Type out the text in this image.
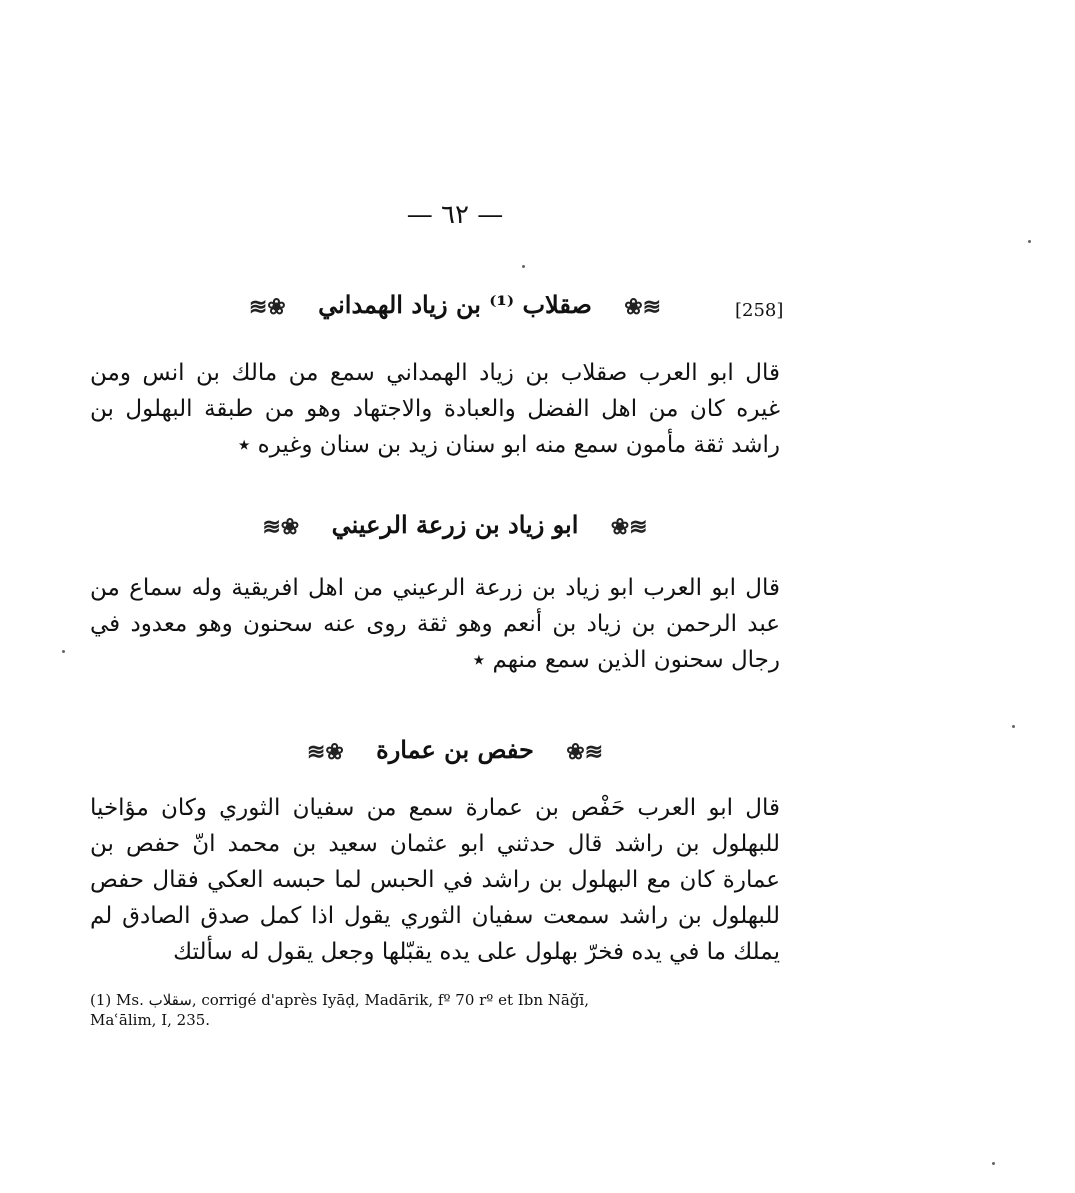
— ٦٢ —
[258]
❀≋ صقلاب ⁽¹⁾ بن زياد الهمداني ≋❀
قال ابو العرب صقلاب بن زياد الهمداني سمع من مالك بن انس ومن غيره كان من اهل الفضل والعبادة والاجتهاد وهو من طبقة البهلول بن راشد ثقة مأمون سمع منه ابو سنان زيد بن سنان وغيره ٭
❀≋ ابو زياد بن زرعة الرعيني ≋❀
قال ابو العرب ابو زياد بن زرعة الرعيني من اهل افريقية وله سماع من عبد الرحمن بن زياد بن أنعم وهو ثقة روى عنه سحنون وهو معدود في رجال سحنون الذين سمع منهم ٭
❀≋ حفص بن عمارة ≋❀
قال ابو العرب حَفْص بن عمارة سمع من سفيان الثوري وكان مؤاخيا للبهلول بن راشد قال حدثني ابو عثمان سعيد بن محمد انّ حفص بن عمارة كان مع البهلول بن راشد في الحبس لما حبسه العكي فقال حفص للبهلول بن راشد سمعت سفيان الثوري يقول اذا كمل صدق الصادق لم يملك ما في يده فخرّ بهلول على يده يقبّلها وجعل يقول له سألتك
(1) Ms. سقلاب, corrigé d'après Iyāḍ, Madārik, fº 70 rº et Ibn Nāǧī,
Maʿālim, I, 235.
